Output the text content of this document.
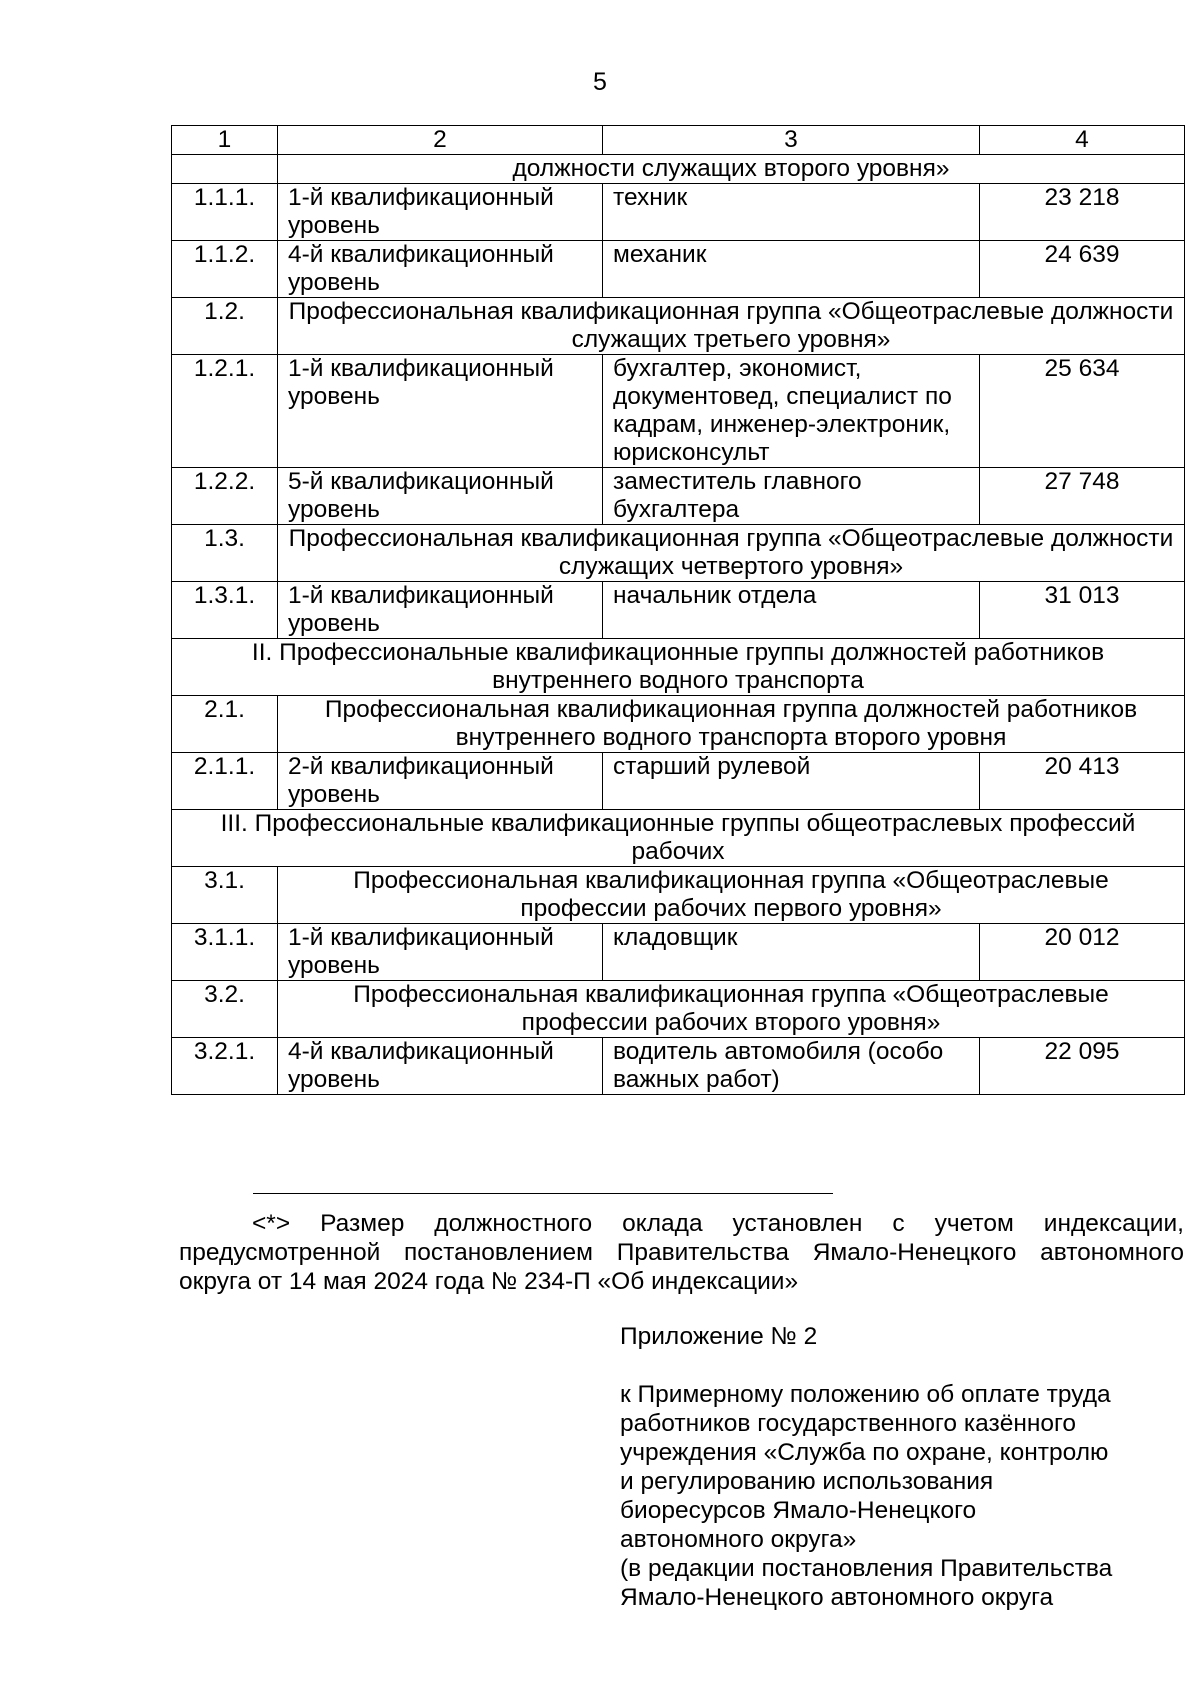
5
1	2	3	4
	должности служащих второго уровня»		
1.1.1.	1-й квалификационный уровень	техник	23 218
1.1.2.	4-й квалификационный уровень	механик	24 639
1.2.	Профессиональная квалификационная группа «Общеотраслевые должности служащих третьего уровня»		
1.2.1.	1-й квалификационный уровень	бухгалтер, экономист, документовед, специалист по кадрам, инженер-электроник, юрисконсульт	25 634
1.2.2.	5-й квалификационный уровень	заместитель главного бухгалтера	27 748
1.3.	Профессиональная квалификационная группа «Общеотраслевые должности служащих четвертого уровня»		
1.3.1.	1-й квалификационный уровень	начальник отдела	31 013
II. Профессиональные квалификационные группы должностей работников внутреннего водного транспорта			
2.1.	Профессиональная квалификационная группа должностей работников внутреннего водного транспорта второго уровня		
2.1.1.	2-й квалификационный уровень	старший рулевой	20 413
III. Профессиональные квалификационные группы общеотраслевых профессий рабочих			
3.1.	Профессиональная квалификационная группа «Общеотраслевые профессии рабочих первого уровня»		
3.1.1.	1-й квалификационный уровень	кладовщик	20 012
3.2.	Профессиональная квалификационная группа «Общеотраслевые профессии рабочих второго уровня»		
3.2.1.	4-й квалификационный уровень	водитель автомобиля (особо важных работ)	22 095
<*> Размер должностного оклада установлен с учетом индексации, предусмотренной постановлением Правительства Ямало-Ненецкого автономного округа от 14 мая 2024 года № 234-П «Об индексации»
Приложение № 2
к Примерному положению об оплате труда
работников государственного казённого
учреждения «Служба по охране, контролю
и регулированию использования
биоресурсов Ямало-Ненецкого
автономного округа»
(в редакции постановления Правительства
Ямало-Ненецкого автономного округа
